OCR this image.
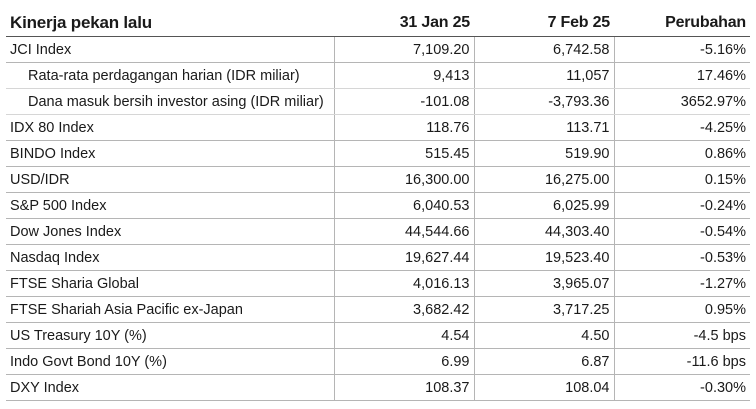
Kinerja pekan lalu	31 Jan 25	7 Feb 25	Perubahan
JCI Index	7,109.20	6,742.58	-5.16%
Rata-rata perdagangan harian (IDR miliar)	9,413	11,057	17.46%
Dana masuk bersih investor asing (IDR miliar)	-101.08	-3,793.36	3652.97%
IDX 80 Index	118.76	113.71	-4.25%
BINDO Index	515.45	519.90	0.86%
USD/IDR	16,300.00	16,275.00	0.15%
S&P 500 Index	6,040.53	6,025.99	-0.24%
Dow Jones Index	44,544.66	44,303.40	-0.54%
Nasdaq Index	19,627.44	19,523.40	-0.53%
FTSE Sharia Global	4,016.13	3,965.07	-1.27%
FTSE Shariah Asia Pacific ex-Japan	3,682.42	3,717.25	0.95%
US Treasury 10Y (%)	4.54	4.50	-4.5 bps
Indo Govt Bond 10Y (%)	6.99	6.87	-11.6 bps
DXY Index	108.37	108.04	-0.30%
